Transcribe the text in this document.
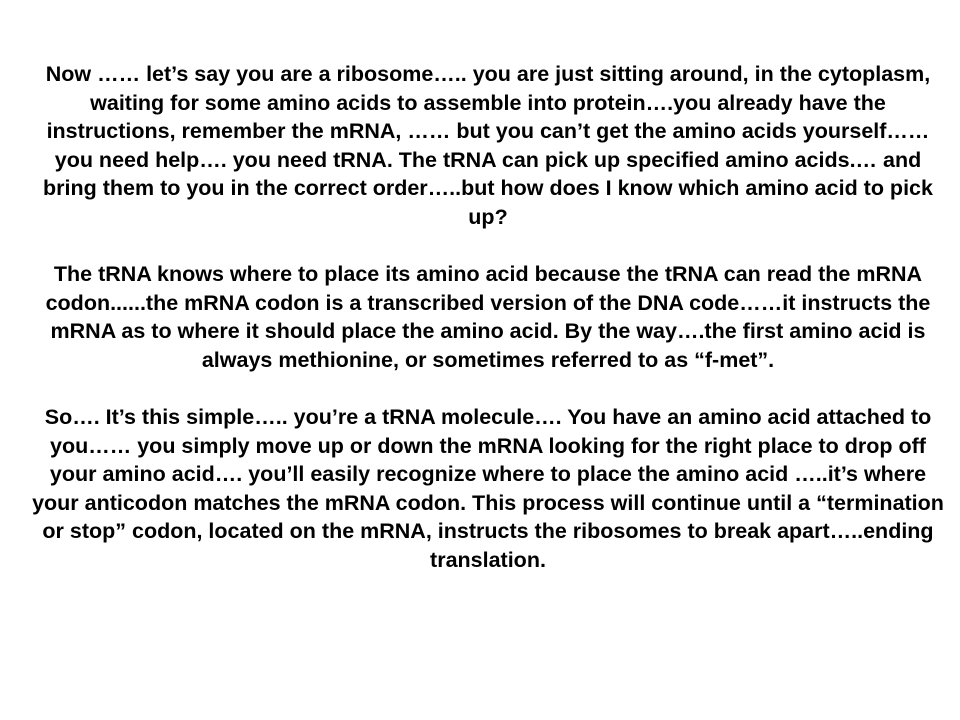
Now …… let’s say you are a ribosome….. you are just sitting around, in the cytoplasm, waiting for some amino acids to assemble into protein….you already have the instructions, remember the mRNA, …… but you can’t get the amino acids yourself…… you need help…. you need tRNA. The tRNA can pick up specified amino acids.… and bring them to you in the correct order…..but how does I know which amino acid to pick up?

The tRNA knows where to place its amino acid because the tRNA can read the mRNA codon......the mRNA codon is a transcribed version of the DNA code……it instructs the mRNA as to where it should place the amino acid. By the way….the first amino acid is always methionine, or sometimes referred to as “f-met”.

So…. It’s this simple….. you’re a tRNA molecule…. You have an amino acid attached to you…… you simply move up or down the mRNA looking for the right place to drop off your amino acid…. you’ll easily recognize where to place the amino acid …..it’s where your anticodon matches the mRNA codon. This process will continue until a “termination or stop” codon, located on the mRNA, instructs the ribosomes to break apart…..ending translation.
